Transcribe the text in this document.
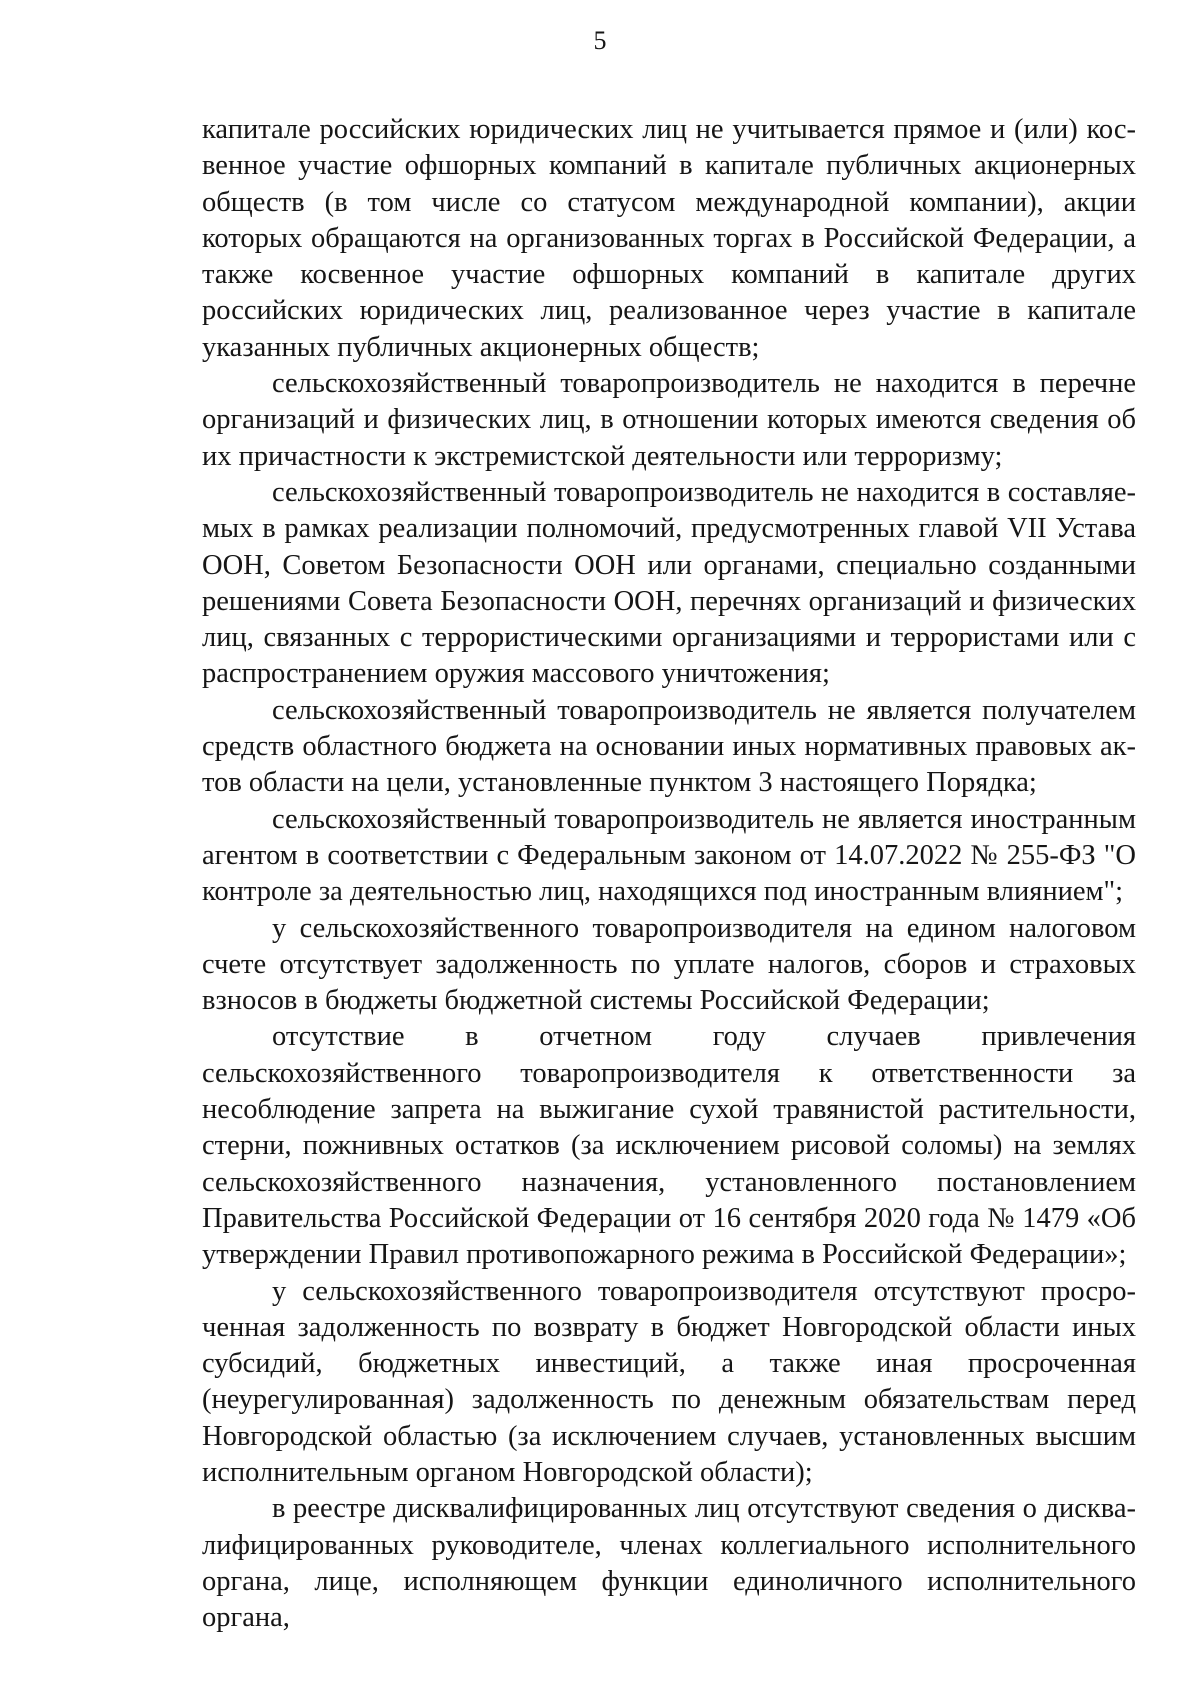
5

капитале российских юридических лиц не учитывается прямое и (или) косвенное участие офшорных компаний в капитале публичных акционерных обществ (в том числе со статусом международной компании), акции которых обращаются на организованных торгах в Российской Федерации, а также косвенное участие офшорных компаний в капитале других российских юридических лиц, реализованное через участие в капитале указанных публичных акционерных обществ;

сельскохозяйственный товаропроизводитель не находится в перечне организаций и физических лиц, в отношении которых имеются сведения об их причастности к экстремистской деятельности или терроризму;

сельскохозяйственный товаропроизводитель не находится в составляемых в рамках реализации полномочий, предусмотренных главой VII Устава ООН, Советом Безопасности ООН или органами, специально созданными решениями Совета Безопасности ООН, перечнях организаций и физических лиц, связанных с террористическими организациями и террористами или с распространением оружия массового уничтожения;

сельскохозяйственный товаропроизводитель не является получателем средств областного бюджета на основании иных нормативных правовых актов области на цели, установленные пунктом 3 настоящего Порядка;

сельскохозяйственный товаропроизводитель не является иностранным агентом в соответствии с Федеральным законом от 14.07.2022 № 255-ФЗ "О контроле за деятельностью лиц, находящихся под иностранным влиянием";

у сельскохозяйственного товаропроизводителя на едином налоговом счете отсутствует задолженность по уплате налогов, сборов и страховых взносов в бюджеты бюджетной системы Российской Федерации;

отсутствие в отчетном году случаев привлечения сельскохозяйственного товаропроизводителя к ответственности за несоблюдение запрета на выжигание сухой травянистой растительности, стерни, пожнивных остатков (за исключением рисовой соломы) на землях сельскохозяйственного назначения, установленного постановлением Правительства Российской Федерации от 16 сентября 2020 года № 1479 «Об утверждении Правил противопожарного режима в Российской Федерации»;

у сельскохозяйственного товаропроизводителя отсутствуют просроченная задолженность по возврату в бюджет Новгородской области иных субсидий, бюджетных инвестиций, а также иная просроченная (неурегулированная) задолженность по денежным обязательствам перед Новгородской областью (за исключением случаев, установленных высшим исполнительным органом Новгородской области);

в реестре дисквалифицированных лиц отсутствуют сведения о дисквалифицированных руководителе, членах коллегиального исполнительного органа, лице, исполняющем функции единоличного исполнительного органа,
